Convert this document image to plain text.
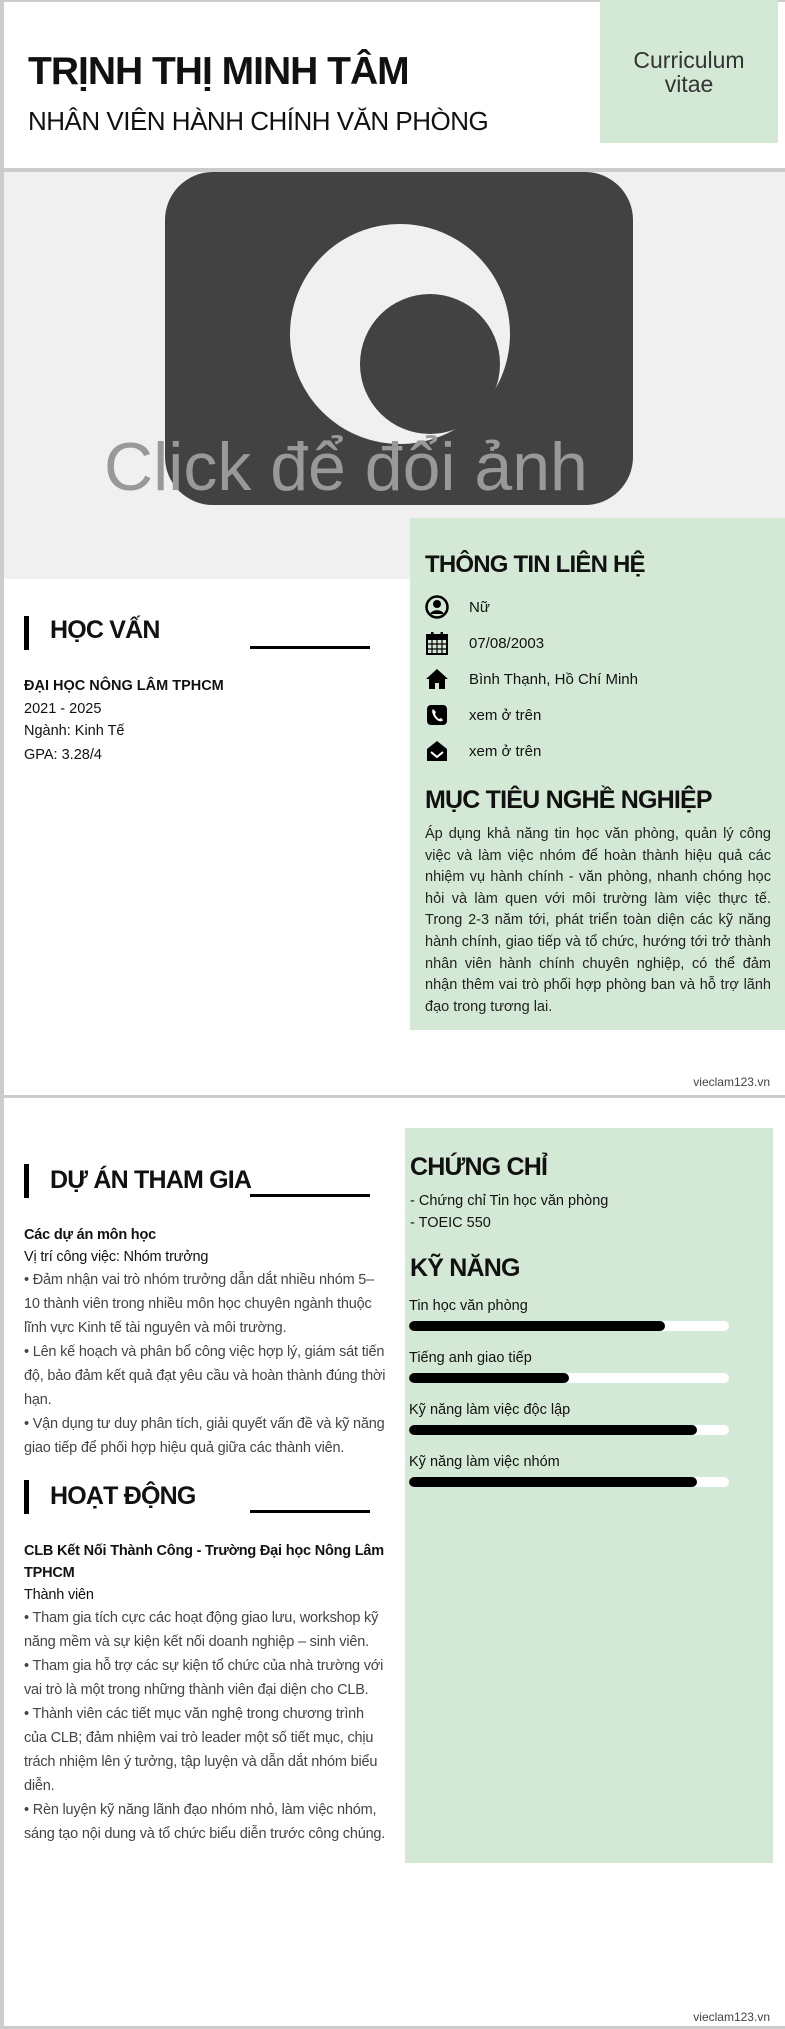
TRỊNH THỊ MINH TÂM
NHÂN VIÊN HÀNH CHÍNH VĂN PHÒNG
Curriculum vitae
Click để đổi ảnh
HỌC VẤN
ĐẠI HỌC NÔNG LÂM TPHCM
2021 - 2025
Ngành: Kinh Tế
GPA: 3.28/4
THÔNG TIN LIÊN HỆ
Nữ
07/08/2003
Bình Thạnh, Hồ Chí Minh
xem ở trên
xem ở trên
MỤC TIÊU NGHỀ NGHIỆP
Áp dụng khả năng tin học văn phòng, quản lý công việc và làm việc nhóm để hoàn thành hiệu quả các nhiệm vụ hành chính - văn phòng, nhanh chóng học hỏi và làm quen với môi trường làm việc thực tế. Trong 2-3 năm tới, phát triển toàn diện các kỹ năng hành chính, giao tiếp và tổ chức, hướng tới trở thành nhân viên hành chính chuyên nghiệp, có thể đảm nhận thêm vai trò phối hợp phòng ban và hỗ trợ lãnh đạo trong tương lai.
vieclam123.vn
CHỨNG CHỈ
- Chứng chỉ Tin học văn phòng
- TOEIC 550
KỸ NĂNG
Tin học văn phòng
Tiếng anh giao tiếp
Kỹ năng làm việc độc lập
Kỹ năng làm việc nhóm
DỰ ÁN THAM GIA
Các dự án môn học
Vị trí công việc: Nhóm trưởng
• Đảm nhận vai trò nhóm trưởng dẫn dắt nhiều nhóm 5–10 thành viên trong nhiều môn học chuyên ngành thuộc lĩnh vực Kinh tế tài nguyên và môi trường.
• Lên kế hoạch và phân bổ công việc hợp lý, giám sát tiến độ, bảo đảm kết quả đạt yêu cầu và hoàn thành đúng thời hạn.
• Vận dụng tư duy phân tích, giải quyết vấn đề và kỹ năng giao tiếp để phối hợp hiệu quả giữa các thành viên.
HOẠT ĐỘNG
CLB Kết Nối Thành Công - Trường Đại học Nông Lâm TPHCM
Thành viên
• Tham gia tích cực các hoạt động giao lưu, workshop kỹ năng mềm và sự kiện kết nối doanh nghiệp – sinh viên.
• Tham gia hỗ trợ các sự kiện tổ chức của nhà trường với vai trò là một trong những thành viên đại diện cho CLB.
• Thành viên các tiết mục văn nghệ trong chương trình của CLB; đảm nhiệm vai trò leader một số tiết mục, chịu trách nhiệm lên ý tưởng, tập luyện và dẫn dắt nhóm biểu diễn.
• Rèn luyện kỹ năng lãnh đạo nhóm nhỏ, làm việc nhóm, sáng tạo nội dung và tổ chức biểu diễn trước công chúng.
vieclam123.vn
